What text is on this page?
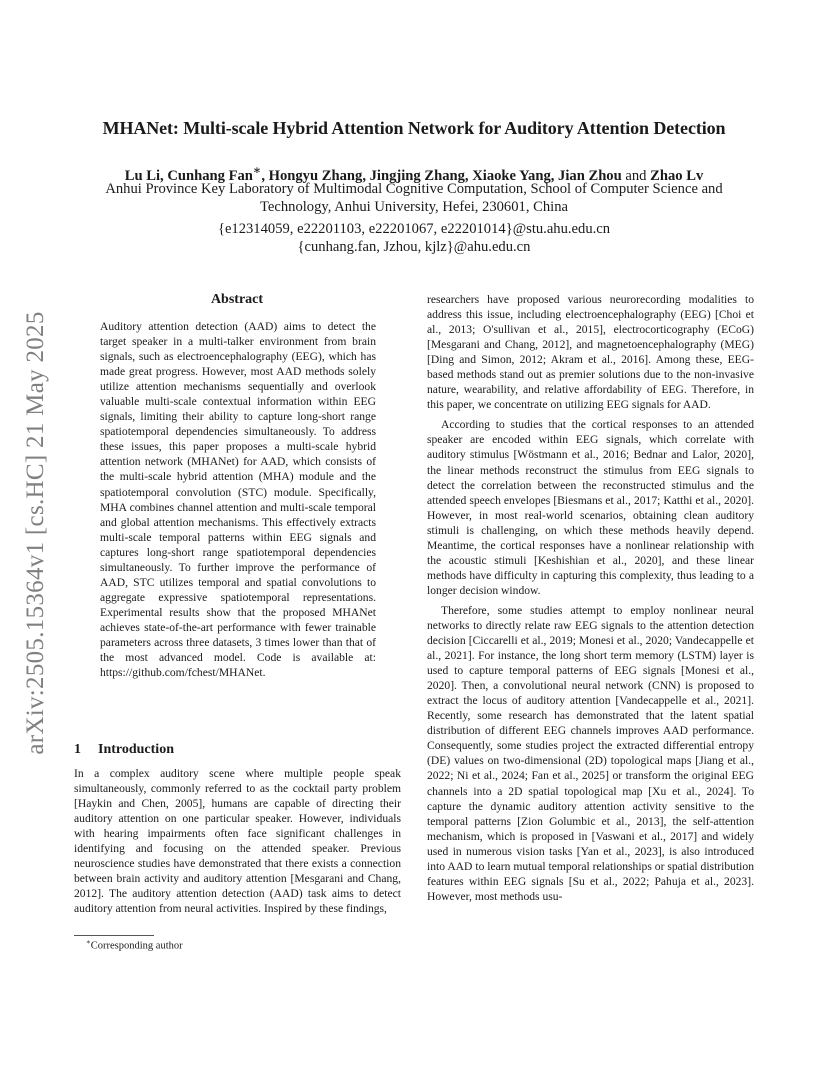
arXiv:2505.15364v1 [cs.HC] 21 May 2025
MHANet: Multi-scale Hybrid Attention Network for Auditory Attention Detection
Lu Li, Cunhang Fan∗, Hongyu Zhang, Jingjing Zhang, Xiaoke Yang, Jian Zhou and Zhao Lv
Anhui Province Key Laboratory of Multimodal Cognitive Computation, School of Computer Science and
Technology, Anhui University, Hefei, 230601, China
{e12314059, e22201103, e22201067, e22201014}@stu.ahu.edu.cn
{cunhang.fan, Jzhou, kjlz}@ahu.edu.cn
Abstract

Auditory attention detection (AAD) aims to detect the target speaker in a multi-talker environment from brain signals, such as electroencephalography (EEG), which has made great progress. However, most AAD methods solely utilize attention mechanisms sequentially and overlook valuable multi-scale contextual information within EEG signals, limiting their ability to capture long-short range spatiotemporal dependencies simultaneously. To address these issues, this paper proposes a multi-scale hybrid attention network (MHANet) for AAD, which consists of the multi-scale hybrid attention (MHA) module and the spatiotemporal convolution (STC) module. Specifically, MHA combines channel attention and multi-scale temporal and global attention mechanisms. This effectively extracts multi-scale temporal patterns within EEG signals and captures long-short range spatiotemporal dependencies simultaneously. To further improve the performance of AAD, STC utilizes temporal and spatial convolutions to aggregate expressive spatiotemporal representations. Experimental results show that the proposed MHANet achieves state-of-the-art performance with fewer trainable parameters across three datasets, 3 times lower than that of the most advanced model. Code is available at: https://github.com/fchest/MHANet.

1 Introduction

In a complex auditory scene where multiple people speak simultaneously, commonly referred to as the cocktail party problem [Haykin and Chen, 2005], humans are capable of directing their auditory attention on one particular speaker. However, individuals with hearing impairments often face significant challenges in identifying and focusing on the attended speaker. Previous neuroscience studies have demonstrated that there exists a connection between brain activity and auditory attention [Mesgarani and Chang, 2012]. The auditory attention detection (AAD) task aims to detect auditory attention from neural activities. Inspired by these findings,

∗Corresponding author

researchers have proposed various neurorecording modalities to address this issue, including electroencephalography (EEG) [Choi et al., 2013; O'sullivan et al., 2015], electrocorticography (ECoG) [Mesgarani and Chang, 2012], and magnetoencephalography (MEG) [Ding and Simon, 2012; Akram et al., 2016]. Among these, EEG-based methods stand out as premier solutions due to the non-invasive nature, wearability, and relative affordability of EEG. Therefore, in this paper, we concentrate on utilizing EEG signals for AAD.

According to studies that the cortical responses to an attended speaker are encoded within EEG signals, which correlate with auditory stimulus [Wöstmann et al., 2016; Bednar and Lalor, 2020], the linear methods reconstruct the stimulus from EEG signals to detect the correlation between the reconstructed stimulus and the attended speech envelopes [Biesmans et al., 2017; Katthi et al., 2020]. However, in most real-world scenarios, obtaining clean auditory stimuli is challenging, on which these methods heavily depend. Meantime, the cortical responses have a nonlinear relationship with the acoustic stimuli [Keshishian et al., 2020], and these linear methods have difficulty in capturing this complexity, thus leading to a longer decision window.

Therefore, some studies attempt to employ nonlinear neural networks to directly relate raw EEG signals to the attention detection decision [Ciccarelli et al., 2019; Monesi et al., 2020; Vandecappelle et al., 2021]. For instance, the long short term memory (LSTM) layer is used to capture temporal patterns of EEG signals [Monesi et al., 2020]. Then, a convolutional neural network (CNN) is proposed to extract the locus of auditory attention [Vandecappelle et al., 2021]. Recently, some research has demonstrated that the latent spatial distribution of different EEG channels improves AAD performance. Consequently, some studies project the extracted differential entropy (DE) values on two-dimensional (2D) topological maps [Jiang et al., 2022; Ni et al., 2024; Fan et al., 2025] or transform the original EEG channels into a 2D spatial topological map [Xu et al., 2024]. To capture the dynamic auditory attention activity sensitive to the temporal patterns [Zion Golumbic et al., 2013], the self-attention mechanism, which is proposed in [Vaswani et al., 2017] and widely used in numerous vision tasks [Yan et al., 2023], is also introduced into AAD to learn mutual temporal relationships or spatial distribution features within EEG signals [Su et al., 2022; Pahuja et al., 2023]. However, most methods usu-
